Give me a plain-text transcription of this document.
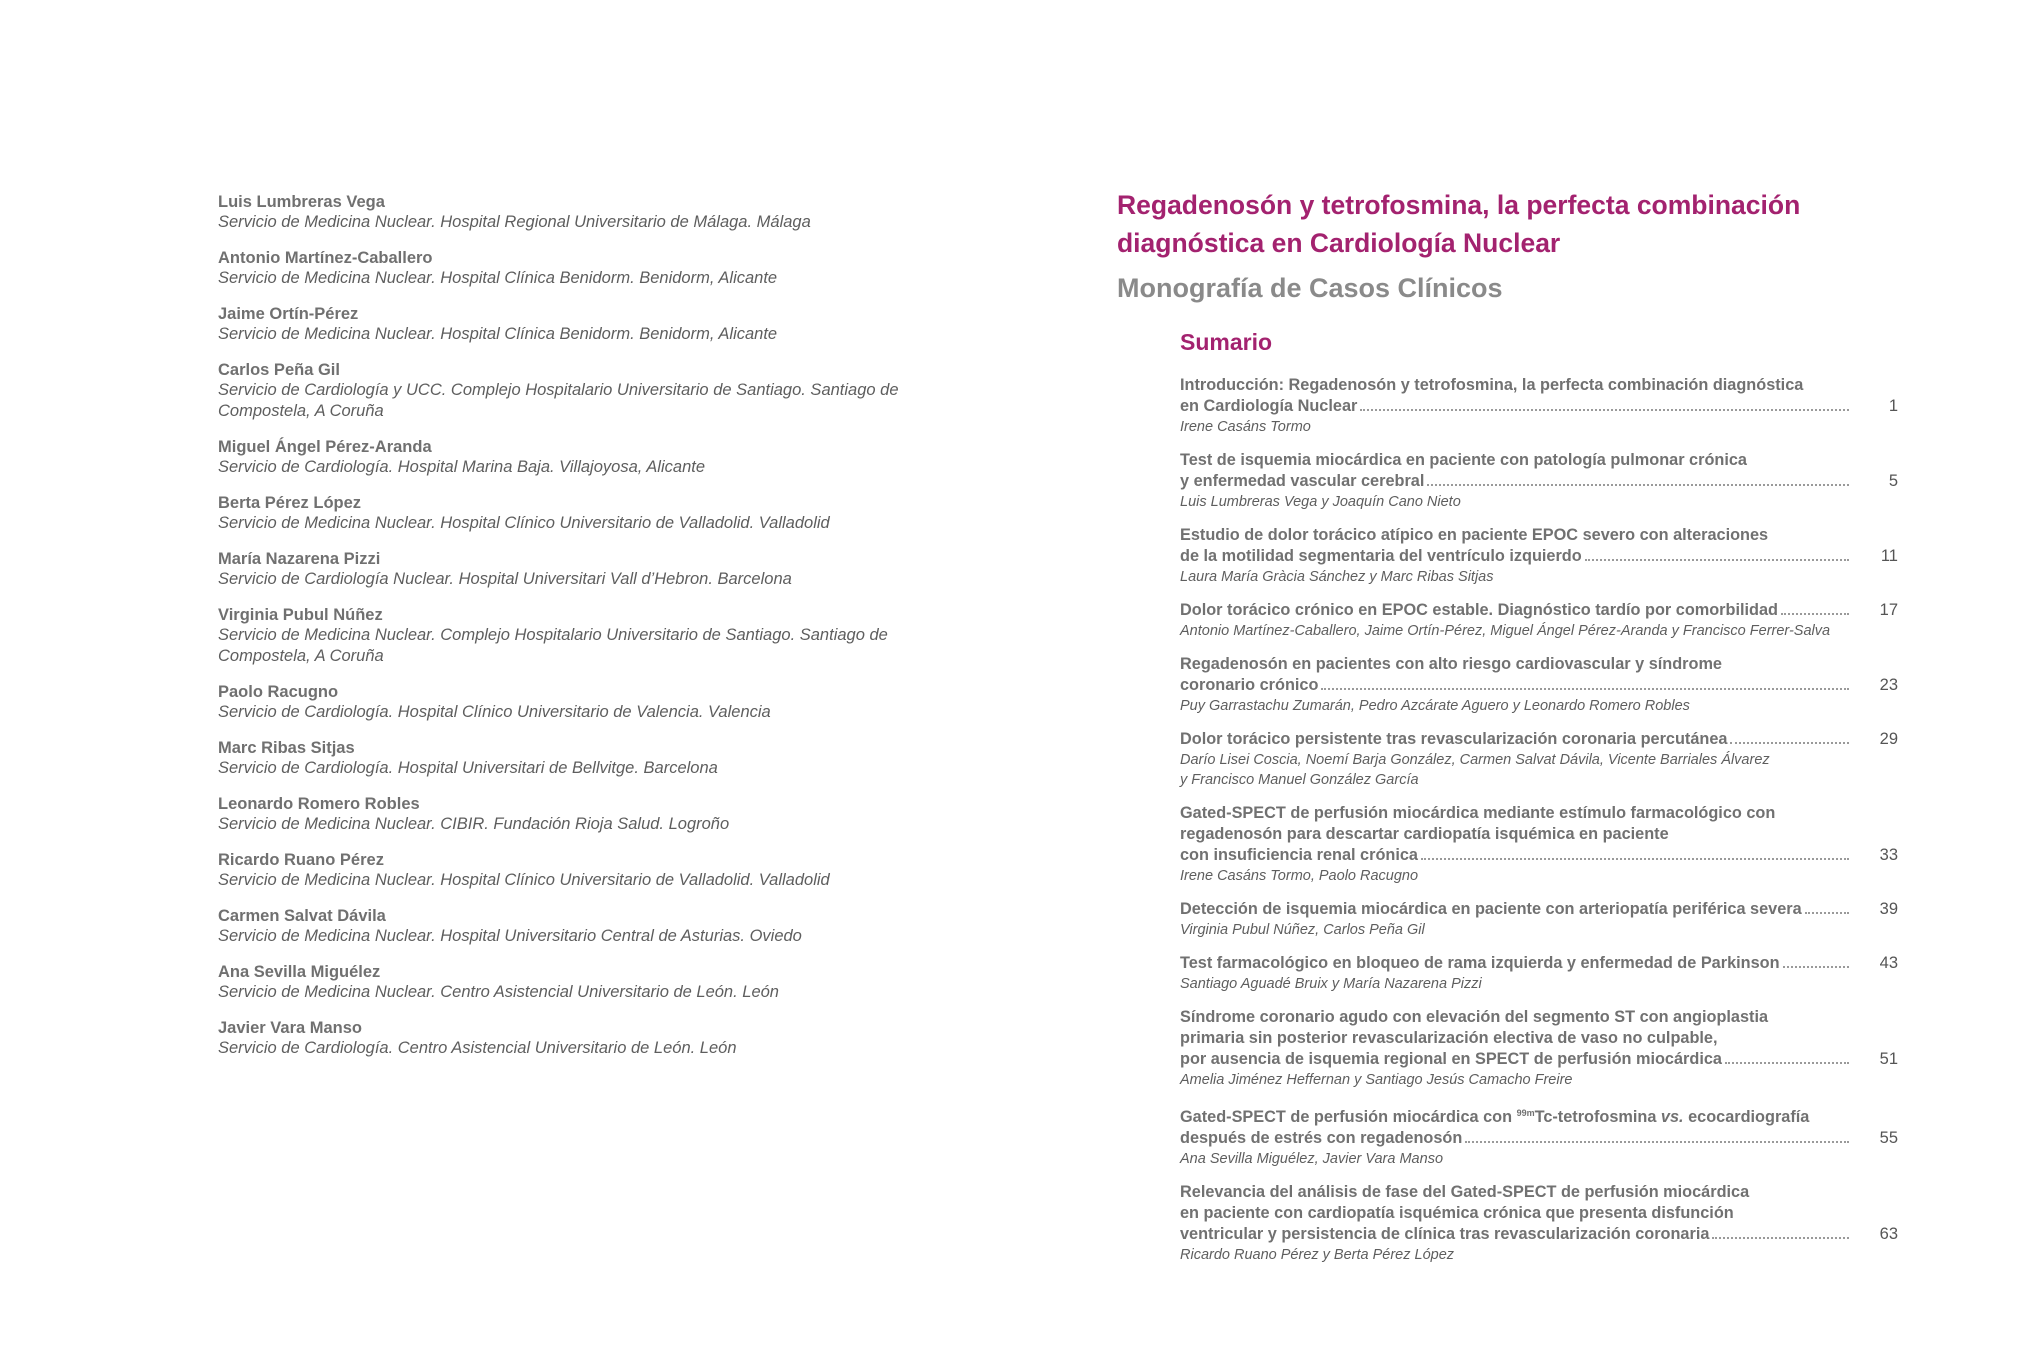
Luis Lumbreras Vega
Servicio de Medicina Nuclear. Hospital Regional Universitario de Málaga. Málaga
Antonio Martínez-Caballero
Servicio de Medicina Nuclear. Hospital Clínica Benidorm. Benidorm, Alicante
Jaime Ortín-Pérez
Servicio de Medicina Nuclear. Hospital Clínica Benidorm. Benidorm, Alicante
Carlos Peña Gil
Servicio de Cardiología y UCC. Complejo Hospitalario Universitario de Santiago. Santiago de
Compostela, A Coruña
Miguel Ángel Pérez-Aranda
Servicio de Cardiología. Hospital Marina Baja. Villajoyosa, Alicante
Berta Pérez López
Servicio de Medicina Nuclear. Hospital Clínico Universitario de Valladolid. Valladolid
María Nazarena Pizzi
Servicio de Cardiología Nuclear. Hospital Universitari Vall d’Hebron. Barcelona
Virginia Pubul Núñez
Servicio de Medicina Nuclear. Complejo Hospitalario Universitario de Santiago. Santiago de
Compostela, A Coruña
Paolo Racugno
Servicio de Cardiología. Hospital Clínico Universitario de Valencia. Valencia
Marc Ribas Sitjas
Servicio de Cardiología. Hospital Universitari de Bellvitge. Barcelona
Leonardo Romero Robles
Servicio de Medicina Nuclear. CIBIR. Fundación Rioja Salud. Logroño
Ricardo Ruano Pérez
Servicio de Medicina Nuclear. Hospital Clínico Universitario de Valladolid. Valladolid
Carmen Salvat Dávila
Servicio de Medicina Nuclear. Hospital Universitario Central de Asturias. Oviedo
Ana Sevilla Miguélez
Servicio de Medicina Nuclear. Centro Asistencial Universitario de León. León
Javier Vara Manso
Servicio de Cardiología. Centro Asistencial Universitario de León. León
Regadenosón y tetrofosmina, la perfecta combinación
diagnóstica en Cardiología Nuclear
Monografía de Casos Clínicos
Sumario
Introducción: Regadenosón y tetrofosmina, la perfecta combinación diagnóstica
en Cardiología Nuclear	1
Irene Casáns Tormo
Test de isquemia miocárdica en paciente con patología pulmonar crónica
y enfermedad vascular cerebral	5
Luis Lumbreras Vega y Joaquín Cano Nieto
Estudio de dolor torácico atípico en paciente EPOC severo con alteraciones
de la motilidad segmentaria del ventrículo izquierdo	11
Laura María Gràcia Sánchez y Marc Ribas Sitjas
Dolor torácico crónico en EPOC estable. Diagnóstico tardío por comorbilidad	17
Antonio Martínez-Caballero, Jaime Ortín-Pérez, Miguel Ángel Pérez-Aranda y Francisco Ferrer-Salva
Regadenosón en pacientes con alto riesgo cardiovascular y síndrome
coronario crónico	23
Puy Garrastachu Zumarán, Pedro Azcárate Aguero y Leonardo Romero Robles
Dolor torácico persistente tras revascularización coronaria percutánea	29
Darío Lisei Coscia, Noemí Barja González, Carmen Salvat Dávila, Vicente Barriales Álvarez
y Francisco Manuel González García
Gated-SPECT de perfusión miocárdica mediante estímulo farmacológico con
regadenosón para descartar cardiopatía isquémica en paciente
con insuficiencia renal crónica	33
Irene Casáns Tormo, Paolo Racugno
Detección de isquemia miocárdica en paciente con arteriopatía periférica severa	39
Virginia Pubul Núñez, Carlos Peña Gil
Test farmacológico en bloqueo de rama izquierda y enfermedad de Parkinson	43
Santiago Aguadé Bruix y María Nazarena Pizzi
Síndrome coronario agudo con elevación del segmento ST con angioplastia
primaria sin posterior revascularización electiva de vaso no culpable,
por ausencia de isquemia regional en SPECT de perfusión miocárdica	51
Amelia Jiménez Heffernan y Santiago Jesús Camacho Freire
Gated-SPECT de perfusión miocárdica con $^{99m}$Tc-tetrofosmina vs. ecocardiografía
después de estrés con regadenosón	55
Ana Sevilla Miguélez, Javier Vara Manso
Relevancia del análisis de fase del Gated-SPECT de perfusión miocárdica
en paciente con cardiopatía isquémica crónica que presenta disfunción
ventricular y persistencia de clínica tras revascularización coronaria	63
Ricardo Ruano Pérez y Berta Pérez López
